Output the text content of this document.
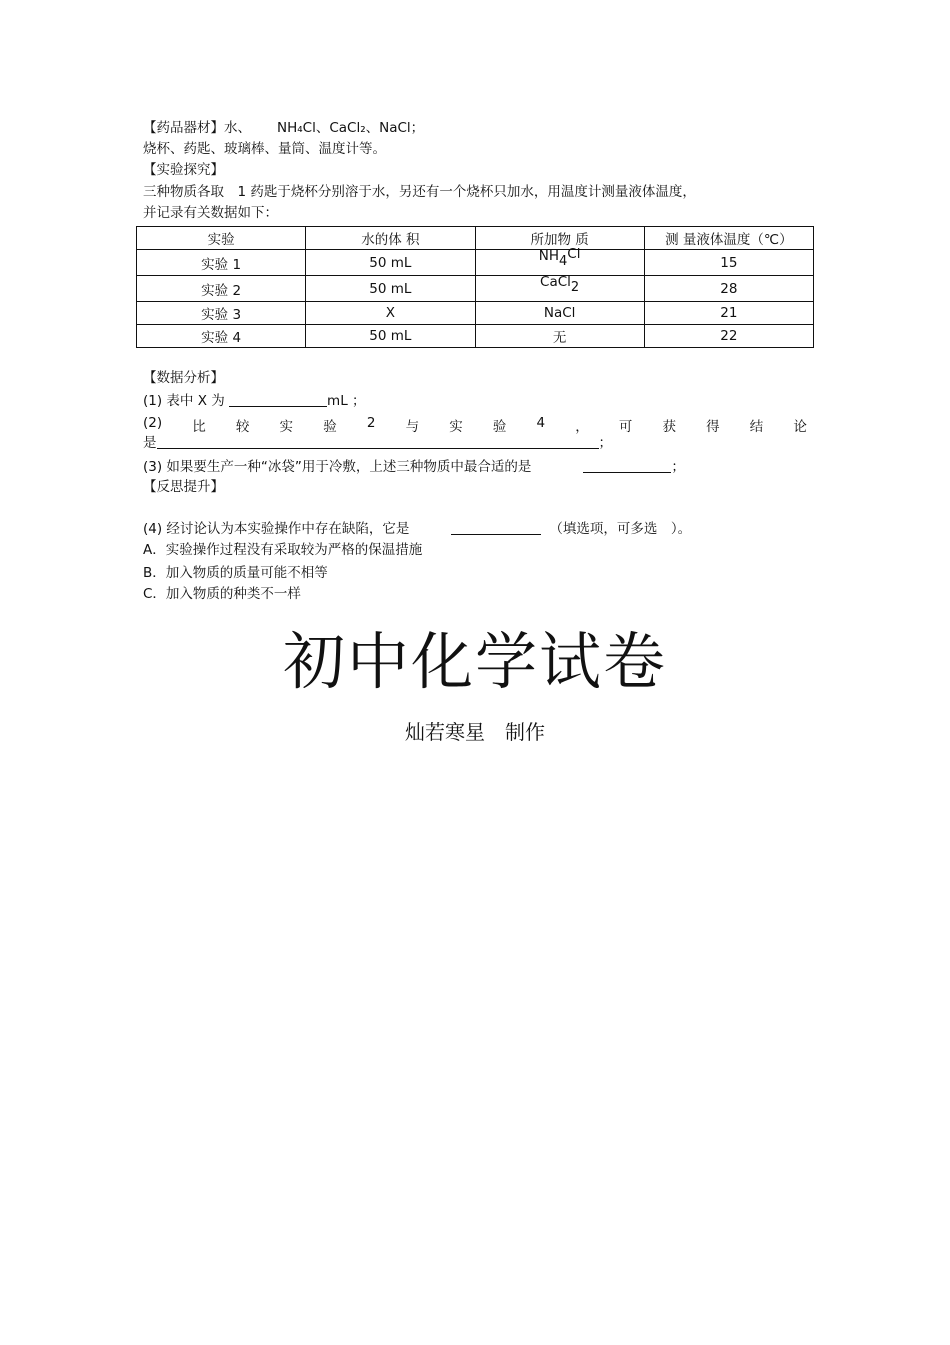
【药品器材】水、 NH₄Cl、CaCl₂、NaCl；
烧杯、药匙、玻璃棒、量筒、温度计等。
【实验探究】
三种物质各取　1 药匙于烧杯分别溶于水，另还有一个烧杯只加水，用温度计测量液体温度，
并记录有关数据如下：
实验	水的体 积	所加物 质	测 量液体温度（℃）
实验 1	50 mL	$NH_4Cl$	15
实验 2	50 mL	CaCl$_2$	28
实验 3	X	NaCl	21
实验 4	50 mL	无	22
【数据分析】
(1) 表中 X 为	mL ；
(2) 比 较 实 验 2 与 实 验 4 ， 可 获 得 结 论
是	；
(3) 如果要生产一种“冰袋”用于冷敷，上述三种物质中最合适的是	；
【反思提升】
(4) 经讨论认为本实验操作中存在缺陷，它是	（填选项，可多选　）。
A．实验操作过程没有采取较为严格的保温措施
B．加入物质的质量可能不相等
C．加入物质的种类不一样
初中化学试卷
灿若寒星　制作
